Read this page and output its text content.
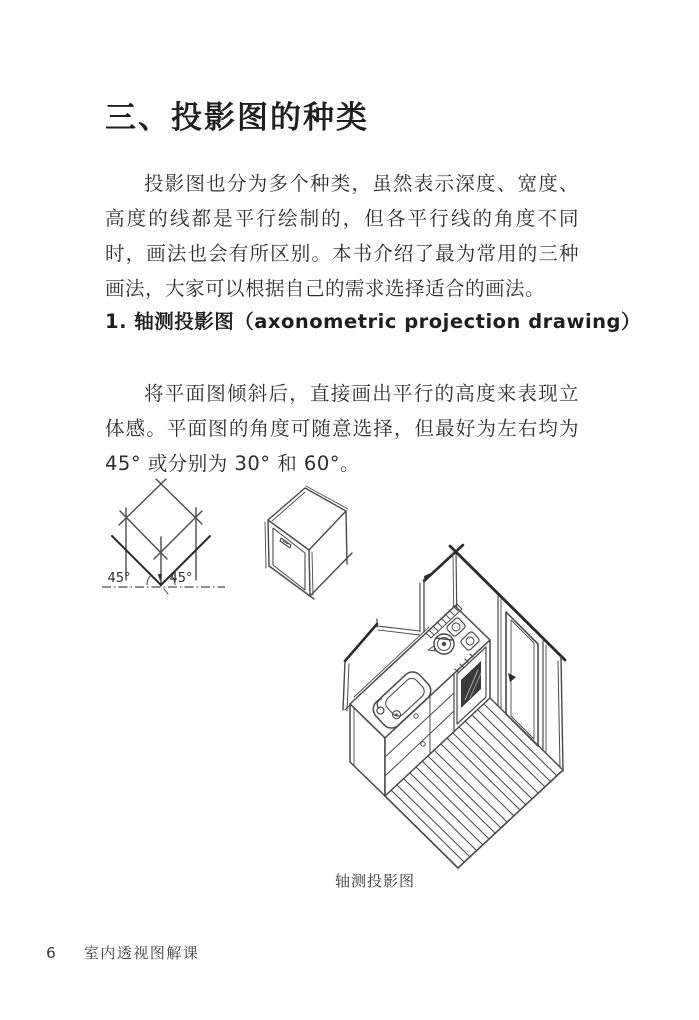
三、投影图的种类
投影图也分为多个种类，虽然表示深度、宽度、高度的线都是平行绘制的，但各平行线的角度不同时，画法也会有所区别。本书介绍了最为常用的三种画法，大家可以根据自己的需求选择适合的画法。
1. 轴测投影图（axonometric projection drawing）
将平面图倾斜后，直接画出平行的高度来表现立体感。平面图的角度可随意选择，但最好为左右均为 45° 或分别为 30° 和 60°。
45°	45°
轴测投影图
6 室内透视图解课
